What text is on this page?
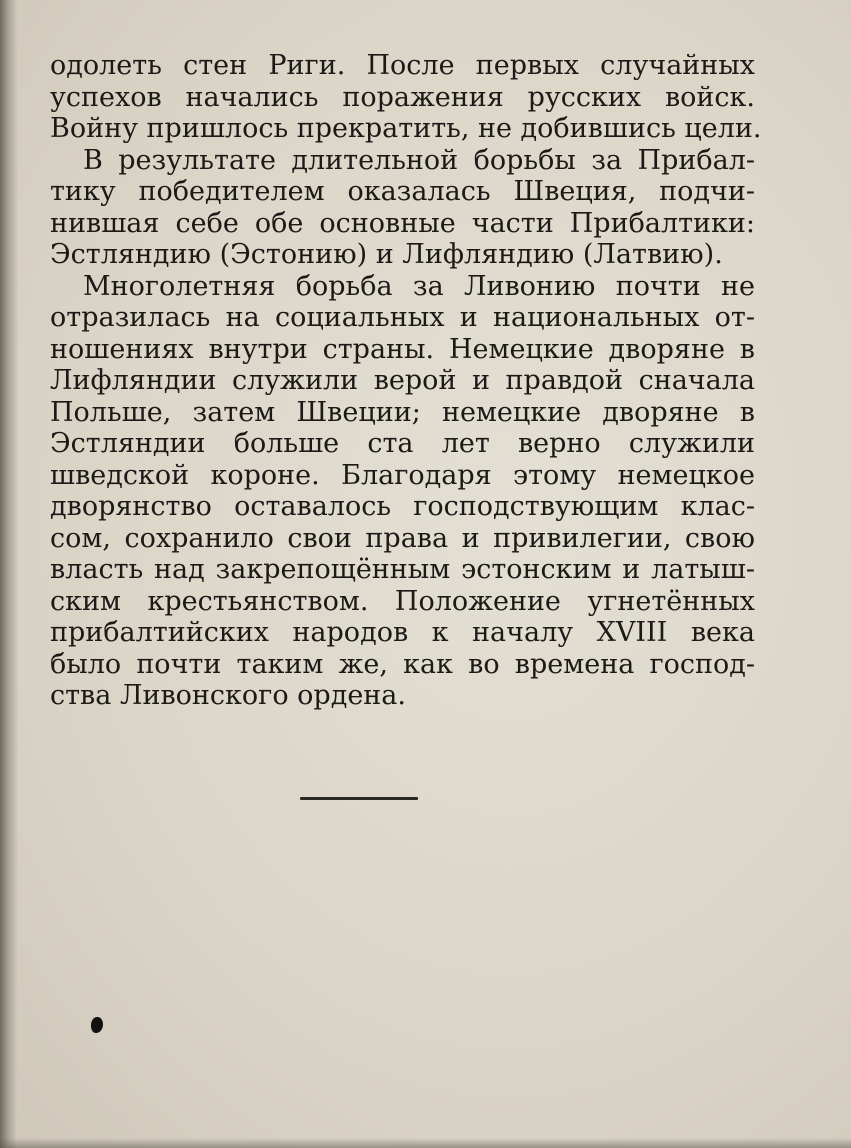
одолеть стен Риги. После первых случайных
успехов начались поражения русских войск.
Войну пришлось прекратить, не добившись цели.
В результате длительной борьбы за Прибал-
тику победителем оказалась Швеция, подчи-
нившая себе обе основные части Прибалтики:
Эстляндию (Эстонию) и Лифляндию (Латвию).
Многолетняя борьба за Ливонию почти не
отразилась на социальных и национальных от-
ношениях внутри страны. Немецкие дворяне в
Лифляндии служили верой и правдой сначала
Польше, затем Швеции; немецкие дворяне в
Эстляндии больше ста лет верно служили
шведской короне. Благодаря этому немецкое
дворянство оставалось господствующим клас-
сом, сохранило свои права и привилегии, свою
власть над закрепощённым эстонским и латыш-
ским крестьянством. Положение угнетённых
прибалтийских народов к началу XVIII века
было почти таким же, как во времена господ-
ства Ливонского ордена.
